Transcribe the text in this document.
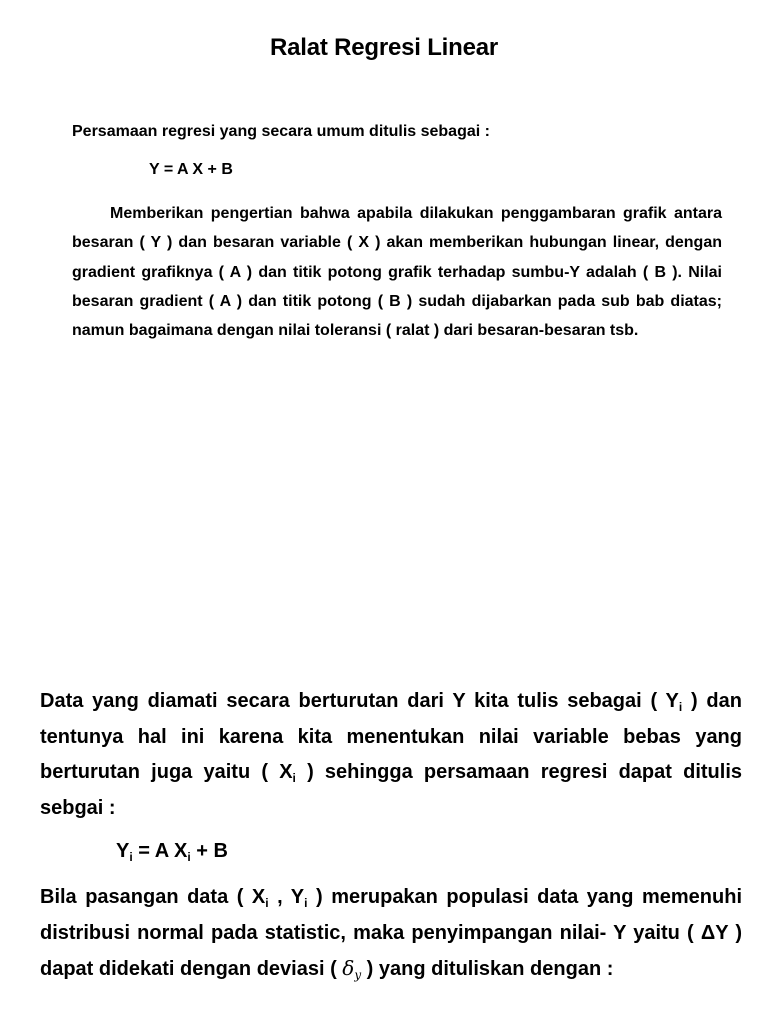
Ralat Regresi Linear
Persamaan regresi yang secara umum ditulis sebagai :
Y = A X + B

Memberikan pengertian bahwa apabila dilakukan penggambaran grafik antara besaran ( Y ) dan besaran variable ( X ) akan memberikan hubungan linear, dengan gradient grafiknya ( A ) dan titik potong grafik terhadap sumbu-Y adalah ( B ). Nilai besaran gradient ( A ) dan titik potong ( B ) sudah dijabarkan pada sub bab diatas; namun bagaimana dengan nilai toleransi ( ralat ) dari besaran-besaran tsb.

Data yang diamati secara berturutan dari Y kita tulis sebagai ( $Y_i$ ) dan tentunya hal ini karena kita menentukan nilai variable bebas yang berturutan juga yaitu ( $X_i$ ) sehingga persamaan regresi dapat ditulis sebgai :

$Y_i = A$ $X_i + B$

Bila pasangan data ( $X_i$ , $Y_i$ ) merupakan populasi data yang memenuhi distribusi normal pada statistic, maka penyimpangan nilai- Y yaitu ( ΔY ) dapat didekati dengan deviasi ( $\delta_y$ ) yang dituliskan dengan :
